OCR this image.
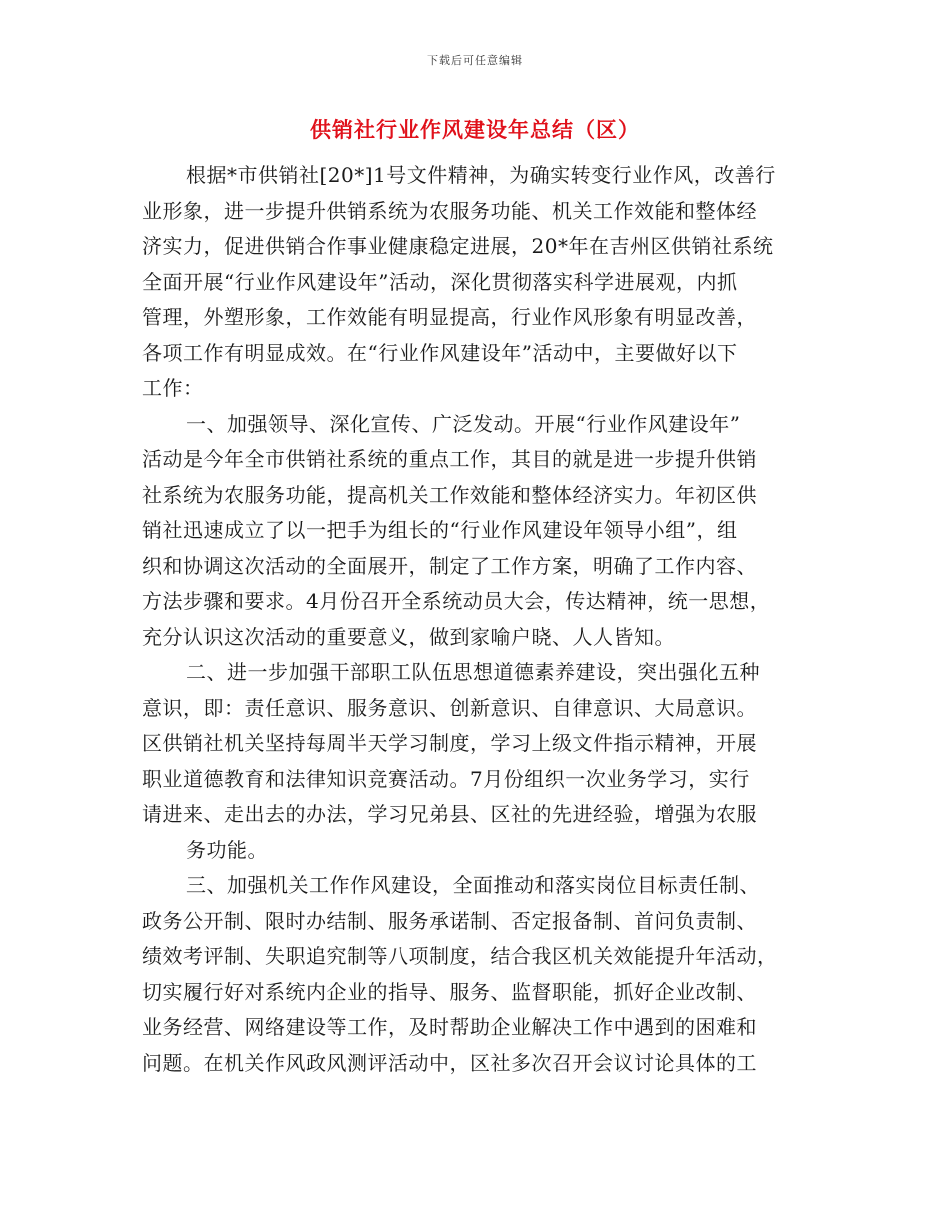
下载后可任意编辑
供销社行业作风建设年总结（区）
根据*市供销社[20*]1号文件精神，为确实转变行业作风，改善行
业形象，进一步提升供销系统为农服务功能、机关工作效能和整体经
济实力，促进供销合作事业健康稳定进展，20*年在吉州区供销社系统
全面开展“行业作风建设年”活动，深化贯彻落实科学进展观，内抓
管理，外塑形象，工作效能有明显提高，行业作风形象有明显改善，
各项工作有明显成效。在“行业作风建设年”活动中，主要做好以下
工作：
一、加强领导、深化宣传、广泛发动。开展“行业作风建设年”
活动是今年全市供销社系统的重点工作，其目的就是进一步提升供销
社系统为农服务功能，提高机关工作效能和整体经济实力。年初区供
销社迅速成立了以一把手为组长的“行业作风建设年领导小组”，组
织和协调这次活动的全面展开，制定了工作方案，明确了工作内容、
方法步骤和要求。4月份召开全系统动员大会，传达精神，统一思想，
充分认识这次活动的重要意义，做到家喻户晓、人人皆知。
二、进一步加强干部职工队伍思想道德素养建设，突出强化五种
意识，即：责任意识、服务意识、创新意识、自律意识、大局意识。
区供销社机关坚持每周半天学习制度，学习上级文件指示精神，开展
职业道德教育和法律知识竞赛活动。7月份组织一次业务学习，实行
请进来、走出去的办法，学习兄弟县、区社的先进经验，增强为农服
务功能。
三、加强机关工作作风建设，全面推动和落实岗位目标责任制、
政务公开制、限时办结制、服务承诺制、否定报备制、首问负责制、
绩效考评制、失职追究制等八项制度，结合我区机关效能提升年活动，
切实履行好对系统内企业的指导、服务、监督职能，抓好企业改制、
业务经营、网络建设等工作，及时帮助企业解决工作中遇到的困难和
问题。在机关作风政风测评活动中，区社多次召开会议讨论具体的工
